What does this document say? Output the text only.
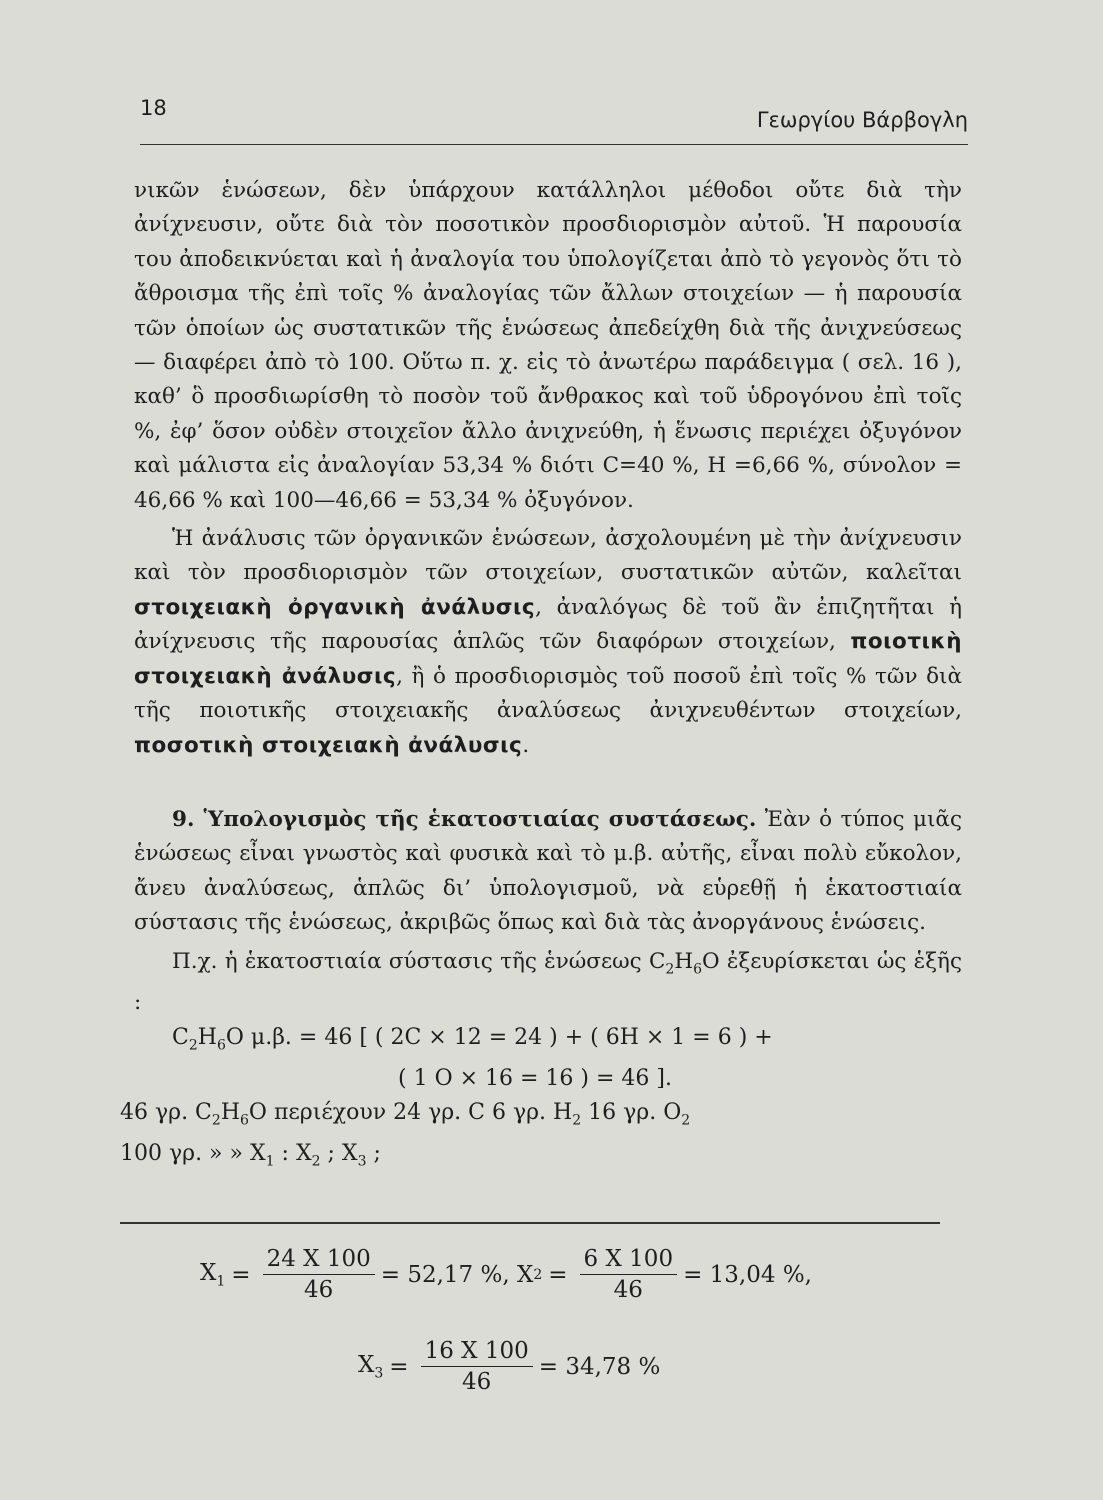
18	Γεωργίου Βάρβογλη

νικῶν ἑνώσεων, δὲν ὑπάρχουν κατάλληλοι μέθοδοι οὔτε διὰ τὴν ἀνίχνευσιν, οὔτε διὰ τὸν ποσοτικὸν προσδιορισμὸν αὐτοῦ. Ἡ παρουσία του ἀποδεικνύεται καὶ ἡ ἀναλογία του ὑπολογίζεται ἀπὸ τὸ γεγονὸς ὅτι τὸ ἄθροισμα τῆς ἐπὶ τοῖς % ἀναλογίας τῶν ἄλλων στοιχείων — ἡ παρουσία τῶν ὁποίων ὡς συστατικῶν τῆς ἑνώσεως ἀπεδείχθη διὰ τῆς ἀνιχνεύσεως — διαφέρει ἀπὸ τὸ 100. Οὕτω π. χ. εἰς τὸ ἀνωτέρω παράδειγμα ( σελ. 16 ), καθ’ ὃ προσδιωρίσθη τὸ ποσὸν τοῦ ἄνθρακος καὶ τοῦ ὑδρογόνου ἐπὶ τοῖς %, ἐφ’ ὅσον οὐδὲν στοιχεῖον ἄλλο ἀνιχνεύθη, ἡ ἕνωσις περιέχει ὀξυγόνον καὶ μάλιστα εἰς ἀναλογίαν 53,34 % διότι C=40 %, H =6,66 %, σύνολον = 46,66 % καὶ 100—46,66 = 53,34 % ὀξυγόνον.

Ἡ ἀνάλυσις τῶν ὀργανικῶν ἑνώσεων, ἀσχολουμένη μὲ τὴν ἀνίχνευσιν καὶ τὸν προσδιορισμὸν τῶν στοιχείων, συστατικῶν αὐτῶν, καλεῖται στοιχειακὴ ὀργανικὴ ἀνάλυσις, ἀναλόγως δὲ τοῦ ἂν ἐπιζητῆται ἡ ἀνίχνευσις τῆς παρουσίας ἁπλῶς τῶν διαφόρων στοιχείων, ποιοτικὴ στοιχειακὴ ἀνάλυσις, ἢ ὁ προσδιορισμὸς τοῦ ποσοῦ ἐπὶ τοῖς % τῶν διὰ τῆς ποιοτικῆς στοιχειακῆς ἀναλύσεως ἀνιχνευθέντων στοιχείων, ποσοτικὴ στοιχειακὴ ἀνάλυσις.

9. Ὑπολογισμὸς τῆς ἑκατοστιαίας συστάσεως. Ἐὰν ὁ τύπος μιᾶς ἑνώσεως εἶναι γνωστὸς καὶ φυσικὰ καὶ τὸ μ.β. αὐτῆς, εἶναι πολὺ εὔκολον, ἄνευ ἀναλύσεως, ἁπλῶς δι’ ὑπολογισμοῦ, νὰ εὑρεθῇ ἡ ἑκατοστιαία σύστασις τῆς ἑνώσεως, ἀκριβῶς ὅπως καὶ διὰ τὰς ἀνοργάνους ἑνώσεις.

Π.χ. ἡ ἑκατοστιαία σύστασις τῆς ἑνώσεως $C_2H_6O$ ἐξευρίσκεται ὡς ἑξῆς :

$C_2H_6O$ μ.β. = 46 [ ( 2C × 12 = 24 ) + ( 6H × 1 = 6 ) +
( 1 O × 16 = 16 ) = 46 ].
46 γρ. $C_2H_6O$ περιέχουν 24 γρ. C 6 γρ. $H_2$ 16 γρ. $O_2$
100 γρ. » » $X_1$ : $X_2$ ; $X_3$ ;
$X_1 = \frac{24 X 100}{46} = 52,17$ %, X $2 = \frac{6 X 100}{46} = 13,04$ %,
$X_3 = \frac{16 X 100}{46} = 34,78$ %
